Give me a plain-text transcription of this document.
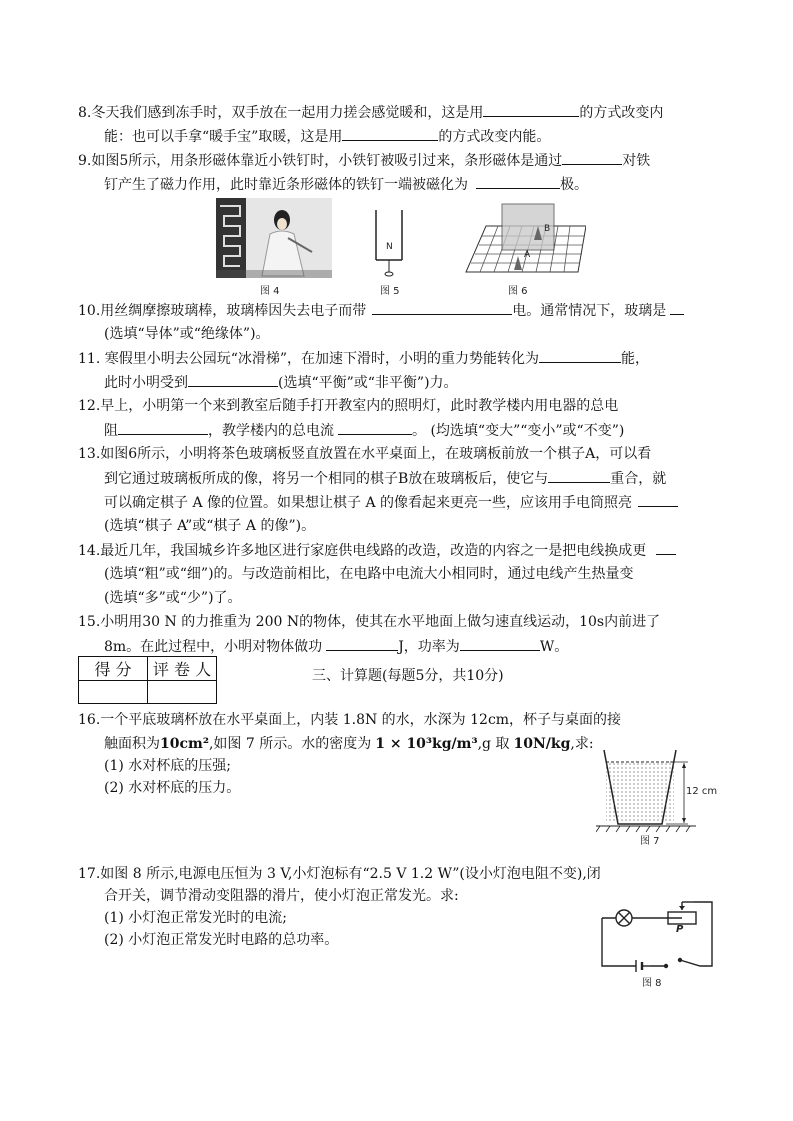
8.冬天我们感到冻手时，双手放在一起用力搓会感觉暖和，这是用	的方式改变内
能：也可以手拿“暖手宝”取暖，这是用	的方式改变内能。
9.如图5所示，用条形磁体靠近小铁钉时，小铁钉被吸引过来，条形磁体是通过	对铁
钉产生了磁力作用，此时靠近条形磁体的铁钉一端被磁化为	极。
图 4
N
图 5
A
B
图 6
10.用丝绸摩擦玻璃棒，玻璃棒因失去电子而带	电。通常情况下，玻璃是
(选填“导体”或“绝缘体”)。
11. 寒假里小明去公园玩“冰滑梯”，在加速下滑时，小明的重力势能转化为	能，
此时小明受到	(选填“平衡”或“非平衡”)力。
12.早上，小明第一个来到教室后随手打开教室内的照明灯，此时教学楼内用电器的总电
阻	，教学楼内的总电流	。 (均选填“变大”“变小”或“不变”)
13.如图6所示，小明将茶色玻璃板竖直放置在水平桌面上，在玻璃板前放一个棋子A，可以看
到它通过玻璃板所成的像，将另一个相同的棋子B放在玻璃板后，使它与	重合，就
可以确定棋子 A 像的位置。如果想让棋子 A 的像看起来更亮一些，应该用手电筒照亮
(选填“棋子 A”或“棋子 A 的像”)。
14.最近几年，我国城乡许多地区进行家庭供电线路的改造，改造的内容之一是把电线换成更
(选填“粗”或“细”)的。与改造前相比，在电路中电流大小相同时，通过电线产生热量变
(选填“多”或“少”)了。
15.小明用30 N 的力推重为 200 N的物体，使其在水平地面上做匀速直线运动，10s内前进了
8m。在此过程中，小明对物体做功	J，功率为	W。
得 分	评 卷 人
		三、计算题(每题5分，共10分)
16.一个平底玻璃杯放在水平桌面上，内装 1.8N 的水，水深为 12cm，杯子与桌面的接
触面积为10cm²,如图 7 所示。水的密度为 1 × 10³kg/m³,g 取 10N/kg,求:
(1) 水对杯底的压强;
(2) 水对杯底的压力。	12 cm
图 7
17.如图 8 所示,电源电压恒为 3 V,小灯泡标有“2.5 V 1.2 W”(设小灯泡电阻不变),闭
合开关，调节滑动变阻器的滑片，使小灯泡正常发光。求:
(1) 小灯泡正常发光时的电流;
(2) 小灯泡正常发光时电路的总功率。
P
图 8
